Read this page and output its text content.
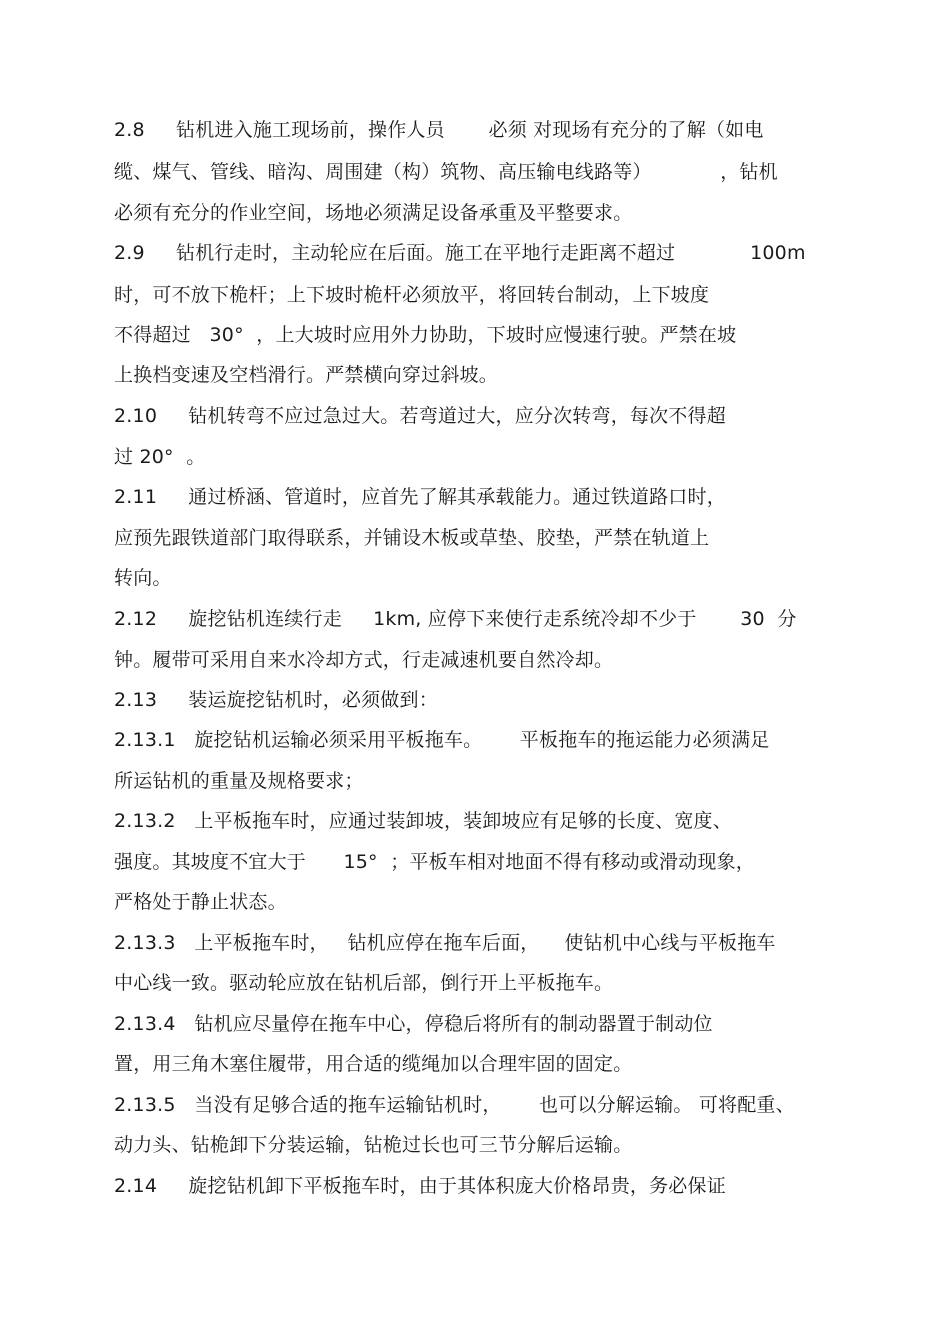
2.8     钻机进入施工现场前，操作人员       必须 对现场有充分的了解（如电
缆、煤气、管线、暗沟、周围建（构）筑物、高压输电线路等）           ，钻机
必须有充分的作业空间，场地必须满足设备承重及平整要求。
2.9     钻机行走时，主动轮应在后面。施工在平地行走距离不超过            100m
时，可不放下桅杆；上下坡时桅杆必须放平，将回转台制动，上下坡度
不得超过   30°  ，上大坡时应用外力协助，下坡时应慢速行驶。严禁在坡
上换档变速及空档滑行。严禁横向穿过斜坡。
2.10     钻机转弯不应过急过大。若弯道过大，应分次转弯，每次不得超
过 20°  。
2.11     通过桥涵、管道时，应首先了解其承载能力。通过铁道路口时，
应预先跟铁道部门取得联系，并铺设木板或草垫、胶垫，严禁在轨道上
转向。
2.12     旋挖钻机连续行走     1km, 应停下来使行走系统冷却不少于       30  分
钟。履带可采用自来水冷却方式，行走减速机要自然冷却。
2.13     装运旋挖钻机时，必须做到：
2.13.1   旋挖钻机运输必须采用平板拖车。      平板拖车的拖运能力必须满足
所运钻机的重量及规格要求；
2.13.2   上平板拖车时，应通过装卸坡，装卸坡应有足够的长度、宽度、
强度。其坡度不宜大于      15°  ；平板车相对地面不得有移动或滑动现象，
严格处于静止状态。
2.13.3   上平板拖车时，   钻机应停在拖车后面，    使钻机中心线与平板拖车
中心线一致。驱动轮应放在钻机后部，倒行开上平板拖车。
2.13.4   钻机应尽量停在拖车中心，停稳后将所有的制动器置于制动位
置，用三角木塞住履带，用合适的缆绳加以合理牢固的固定。
2.13.5   当没有足够合适的拖车运输钻机时，      也可以分解运输。 可将配重、
动力头、钻桅卸下分装运输，钻桅过长也可三节分解后运输。
2.14     旋挖钻机卸下平板拖车时，由于其体积庞大价格昂贵，务必保证
